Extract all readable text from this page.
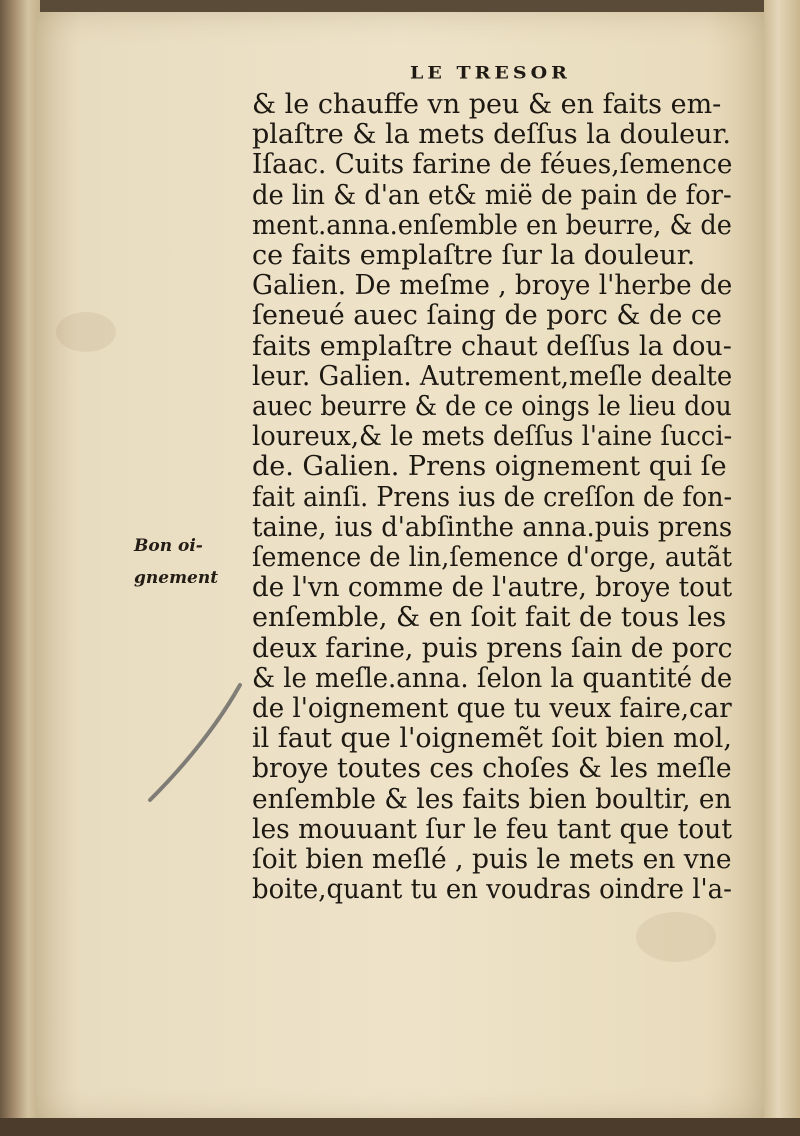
LE TRESOR
Bon oi-
gnement
& le chauffe vn peu & en faits em-
plaſtre & la mets deſſus la douleur.
Iſaac. Cuits farine de féues,ſemence
de lin & d'an et& mië de pain de for-
ment.anna.enſemble en beurre, & de
ce faits emplaſtre ſur la douleur.
Galien. De meſme , broye l'herbe de
ſeneué auec ſaing de porc & de ce
faits emplaſtre chaut deſſus la dou-
leur. Galien. Autrement,meſle dealte
auec beurre & de ce oings le lieu dou
loureux,& le mets deſſus l'aine ſucci-
de. Galien. Prens oignement qui ſe
fait ainſi. Prens ius de creſſon de fon-
taine, ius d'abſinthe anna.puis prens
ſemence de lin,ſemence d'orge, autãt
de l'vn comme de l'autre, broye tout
enſemble, & en ſoit fait de tous les
deux farine, puis prens ſain de porc
& le meſle.anna. ſelon la quantité de
de l'oignement que tu veux faire,car
il faut que l'oignemẽt ſoit bien mol,
broye toutes ces choſes & les meſle
enſemble & les faits bien boultir, en
les mouuant ſur le feu tant que tout
ſoit bien meſlé , puis le mets en vne
boite,quant tu en voudras oindre l'a-
